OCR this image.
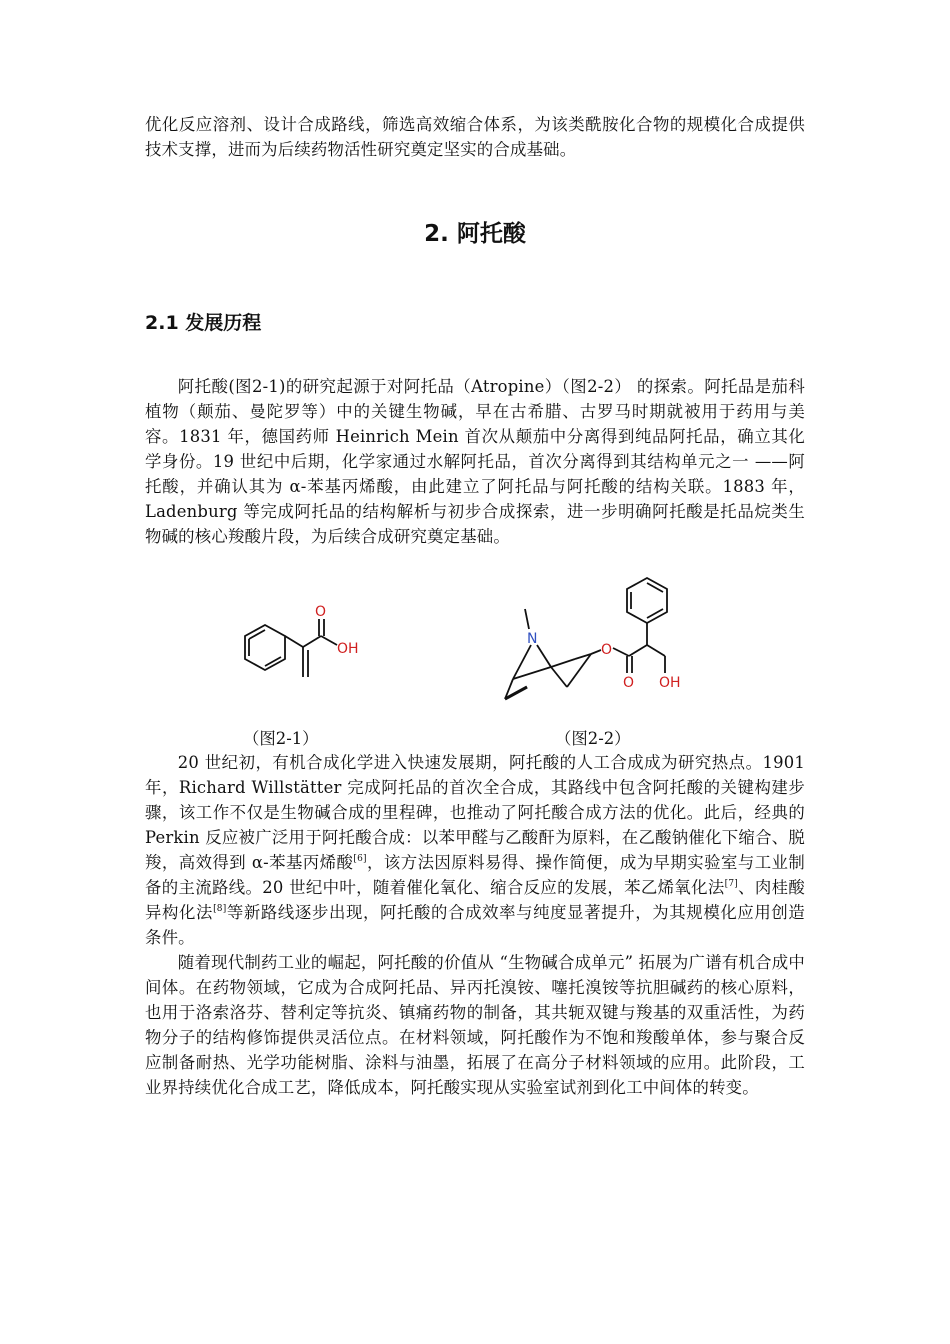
优化反应溶剂、设计合成路线，筛选高效缩合体系，为该类酰胺化合物的规模化合成提供技术支撑，进而为后续药物活性研究奠定坚实的合成基础。

2. 阿托酸
2.1 发展历程

阿托酸(图2-1)的研究起源于对阿托品（Atropine）（图2-2） 的探索。阿托品是茄科植物（颠茄、曼陀罗等）中的关键生物碱，早在古希腊、古罗马时期就被用于药用与美容。1831 年，德国药师 Heinrich Mein 首次从颠茄中分离得到纯品阿托品，确立其化学身份。19 世纪中后期，化学家通过水解阿托品，首次分离得到其结构单元之一 ——阿托酸，并确认其为 α-苯基丙烯酸，由此建立了阿托品与阿托酸的结构关联。1883 年，Ladenburg 等完成阿托品的结构解析与初步合成探索，进一步明确阿托酸是托品烷类生物碱的核心羧酸片段，为后续合成研究奠定基础。

O
OH
N
O
O OH
（图2-1）	（图2-2）

20 世纪初，有机合成化学进入快速发展期，阿托酸的人工合成成为研究热点。1901 年，Richard Willstätter 完成阿托品的首次全合成，其路线中包含阿托酸的关键构建步骤，该工作不仅是生物碱合成的里程碑，也推动了阿托酸合成方法的优化。此后，经典的Perkin 反应被广泛用于阿托酸合成：以苯甲醛与乙酸酐为原料，在乙酸钠催化下缩合、脱羧，高效得到 α-苯基丙烯酸[6]，该方法因原料易得、操作简便，成为早期实验室与工业制备的主流路线。20 世纪中叶，随着催化氧化、缩合反应的发展，苯乙烯氧化法[7]、肉桂酸异构化法[8]等新路线逐步出现，阿托酸的合成效率与纯度显著提升，为其规模化应用创造条件。

随着现代制药工业的崛起，阿托酸的价值从 “生物碱合成单元” 拓展为广谱有机合成中间体。在药物领域，它成为合成阿托品、异丙托溴铵、噻托溴铵等抗胆碱药的核心原料，也用于洛索洛芬、替利定等抗炎、镇痛药物的制备，其共轭双键与羧基的双重活性，为药物分子的结构修饰提供灵活位点。在材料领域，阿托酸作为不饱和羧酸单体，参与聚合反应制备耐热、光学功能树脂、涂料与油墨，拓展了在高分子材料领域的应用。此阶段，工业界持续优化合成工艺，降低成本，阿托酸实现从实验室试剂到化工中间体的转变。
